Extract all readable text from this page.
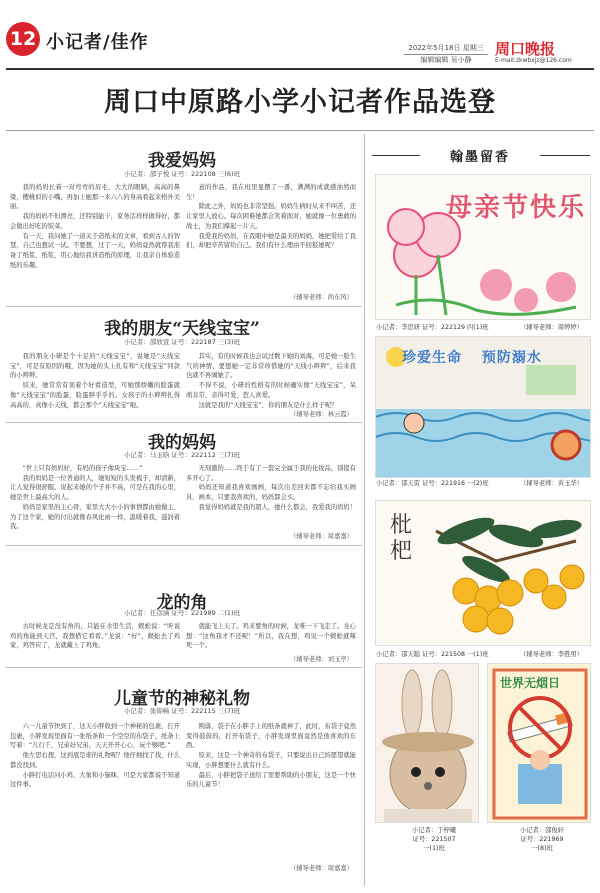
12 小记者/佳作	2022年5月18日 星期三
编辑编辑 吴小静
周口晚报
E-mail:zkwbxjz@126.com
周口中原路小学小记者作品选登
我爱妈妈
小记者：邵子悦 证号：222108 三(6)班

我的妈妈长着一对弯弯的眉毛，大大的眼睛，高高的鼻梁，樱桃似的小嘴，再加上她那一米六八的身高看起来格外美丽。

我的妈妈不但漂亮，还特别能干，家务活样样做得好，都会做出好吃的饭菜。

有一天，我问她了一道关于造纸术的文章，看到古人的智慧，自己也想试一试。不要想，过了一天，妈妈竟然就帮我准备了纸浆、纸浆，用心地给我讲造纸的原理，让我亲自体验造纸的乐趣。

意的作品，我在班里显摆了一番，满满的成就感油然而生！

除此之外，妈妈也非常坚强。妈妈生病时从来不叫苦，还让家里人放心。每次困难她都会笑着面对，她就像一位勇敢的战士，为我们撑起一片天。

我爱我的妈妈，在我眼中她是最美的妈妈，她把爱给了我们，却把辛苦留给自己。我们有什么理由不回报她呢？

（辅导老师：尚东风）
我的朋友“天线宝宝”
小记者：邵欣萱 证号：222187 三(3)班

我的朋友小研是个十足的“天线宝宝”，说她是“天线宝宝”，可是有原因的哦，因为她的头上扎有和“天线宝宝”同款的小辫辫。

原来，她常常有顶着个好看造型，可她那娇嫩的脸蛋就像“天线宝宝”的脸蛋，脸蛋胖乎乎的。女孩子的小辫辫扎得高高的，真像小天线，都会那个“天线宝宝”啦。

其实，有的时候我也会试过数下她的刘海，可是她一脸生气的神情，要想她一定非常珍惜她的“天线小辫辫”，后来我也就不再闹她了。

不得不说，小研的性格有的时候确实像“天线宝宝”，呆萌非常，亲得可爱，惹人喜爱。

这就是我的“天线宝宝”，你的朋友是什么样子呢？

（辅导老师：林云霞）
我的妈妈
小记者：马玉晗 证号：222112 三(7)班

“世上只有妈妈好，有妈的孩子像块宝……”

我的妈妈是一位普通的人，她短短的头发梳子，却清新，让人觉得很舒服。说起来她的个子并不高，可是在我的心里，她是世上最高大的人。

妈妈是家里的主心骨，家里大大小小的事情都由她做主，为了这个家，她的付出就像春风化雨一样，温暖着我，滋润着我。

无刻激的……终于有了一套完全属于我的化妆品，别提有多开心了。

妈妈还知道我喜欢画画，每次出差回来都不忘给我买画具，画本，只要我喜欢的，妈妈都会买。

我觉得妈妈就是我的超人，她什么都会，我爱我的妈妈！

（辅导老师：周嘉嘉）
龙的角
小记者：任彦涵 证号：221989 二(1)班

古时候龙是没有角的，只能在水里生活，蜈蚣说：“听说鸡的角能到天宫，我想借它看看。”龙说：“好”，蜈蚣去了鸡家，鸡答应了，龙就戴上了鸡角。

就能飞上天了。鸡来要角的时候，龙唯一下飞走了。龙心想：“这角我才不还呢！”所以，我在想，鸡见一个蜈蚣就啄死一个。

（辅导老师：刘玉亭）
儿童节的神秘礼物
小记者：张锦畅 证号：222115 三(7)班

六一儿童节快到了，这天小胖收到一个神秘的包裹，打开包裹，小胖发现里面有一张纸条和一个空空的布袋子，纸条上写着：“儿行千，兄弟好兄弟，天天开开心心，玩个够吧。”

他左思右想，这到底是谁的礼物呢？他仔细找了找，什么都没找到。

小胖打电话问小鸡、大象和小猫咪，可是大家都说不知道这件事。

刚落，袋子在小胖手上的纸条就神了，此时，布袋子竟然变得鼓鼓的，打开布袋子，小胖发现里面竟然是他喜欢的东西。

原来，这是一个神奇的布袋子，只要说出自己的愿望就能实现，小胖想要什么就有什么。

最后，小胖把袋子送给了需要帮助的小朋友，这是一个快乐的儿童节！

（辅导老师：周嘉嘉）
翰墨留香
母亲节快乐
小记者：李思妍 证号：222129 四(1)班	（辅导老师：周婷婷）
珍爱生命 预防溺水
小记者：邵天雷 证号：221916 一(2)班	（辅导老师：黄玉华）
枇杷
小记者：邵天聪 证号：221508 一(1)班	（辅导老师：李胜男）
小记者：于梓曦
证号：221507
一(1)班
世界无烟日
小记者：邵俊轩
证号：221969
一(8)班
